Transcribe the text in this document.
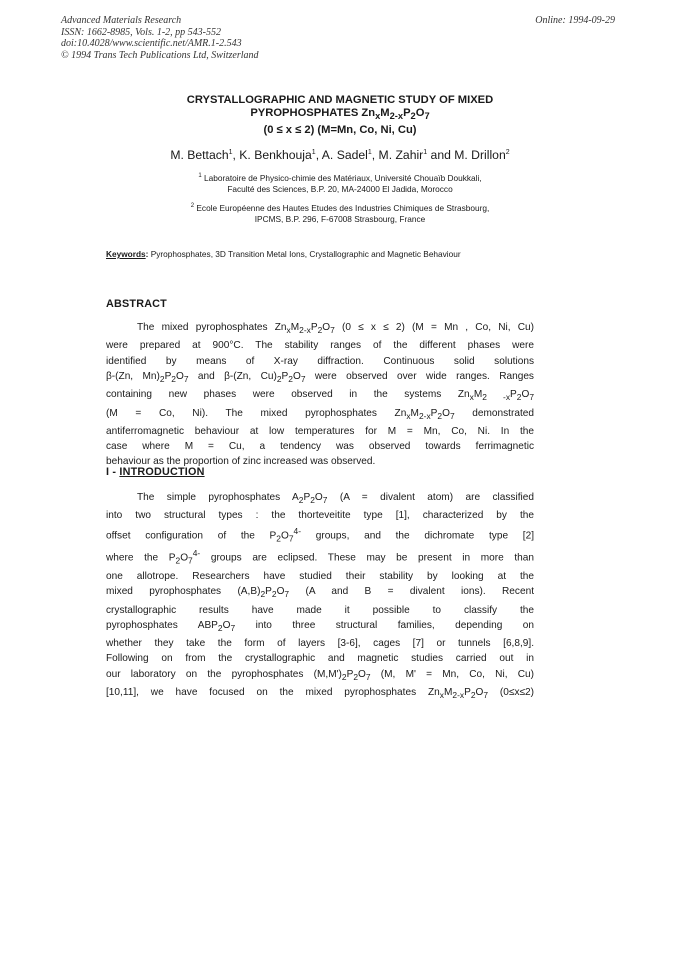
Advanced Materials Research
ISSN: 1662-8985, Vols. 1-2, pp 543-552
doi:10.4028/www.scientific.net/AMR.1-2.543
© 1994 Trans Tech Publications Ltd, Switzerland
Online: 1994-09-29
CRYSTALLOGRAPHIC AND MAGNETIC STUDY OF MIXED
PYROPHOSPHATES $Zn_xM_{2-x}P_2O_7$
(0 ≤ x ≤ 2) (M=Mn, Co, Ni, Cu)
M. Bettach$^1$, K. Benkhouja$^1$, A. Sadel$^1$, M. Zahir$^1$ and M. Drillon$^2$
$^1$ Laboratoire de Physico-chimie des Matériaux, Université Chouaïb Doukkali,
Faculté des Sciences, B.P. 20, MA-24000 El Jadida, Morocco
$^2$ Ecole Européenne des Hautes Etudes des Industries Chimiques de Strasbourg,
IPCMS, B.P. 296, F-67008 Strasbourg, France
Keywords: Pyrophosphates, 3D Transition Metal Ions, Crystallographic and Magnetic Behaviour
ABSTRACT
The mixed pyrophosphates $Zn_xM_{2-x}P_2O_7$ (0 ≤ x ≤ 2) (M = Mn , Co, Ni, Cu)
were prepared at 900°C. The stability ranges of the different phases were
identified by means of X-ray diffraction. Continuous solid solutions
β-(Zn, $Mn)_2P_2O_7$ and β-(Zn, $Cu)_2P_2O_7$ were observed over wide ranges. Ranges
containing new phases were observed in the systems $Zn_xM_{2 -x}P_2O_7$
(M = Co, Ni). The mixed pyrophosphates $Zn_xM_{2-x}P_2O_7$ demonstrated
antiferromagnetic behaviour at low temperatures for M = Mn, Co, Ni. In the
case where M = Cu, a tendency was observed towards ferrimagnetic
behaviour as the proportion of zinc increased was observed.
I - INTRODUCTION
The simple pyrophosphates $A_2P_2O_7$ (A = divalent atom) are classified
into two structural types : the thorteveitite type [1], characterized by the
offset configuration of the $P_2O_7^{4-}$ groups, and the dichromate type [2]
where the $P_2O_7^{4-}$ groups are eclipsed. These may be present in more than
one allotrope. Researchers have studied their stability by looking at the
mixed pyrophosphates $(A,B)_2P_2O_7$ (A and B = divalent ions). Recent
crystallographic results have made it possible to classify the
pyrophosphates $ABP_2O_7$ into three structural families, depending on
whether they take the form of layers [3-6], cages [7] or tunnels [6,8,9].
Following on from the crystallographic and magnetic studies carried out in
our laboratory on the pyrophosphates $(M,M')_2P_2O_7$ (M, M' = Mn, Co, Ni, Cu)
[10,11], we have focused on the mixed pyrophosphates $Zn_xM_{2-x}P_2O_7$ (0≤x≤2)
